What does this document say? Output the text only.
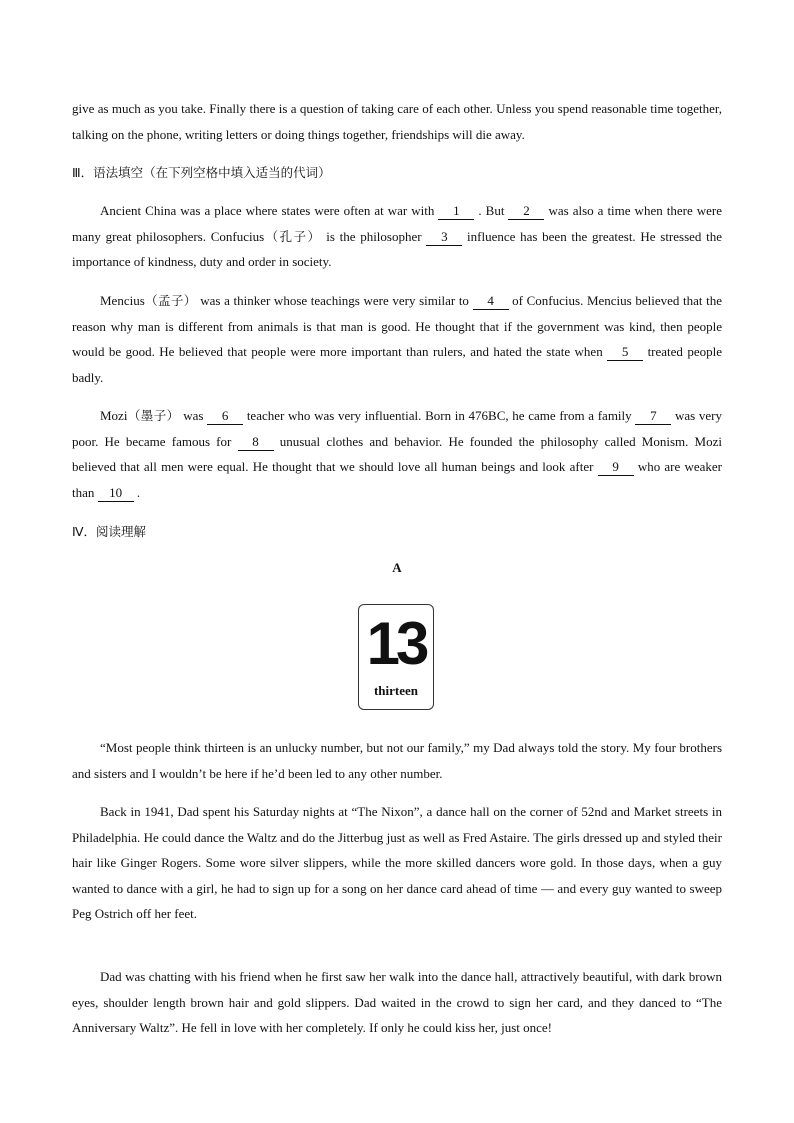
give as much as you take. Finally there is a question of taking care of each other. Unless you spend reasonable time together, talking on the phone, writing letters or doing things together, friendships will die away.

Ⅲ．语法填空（在下列空格中填入适当的代词）

Ancient China was a place where states were often at war with 1 . But 2 was also a time when there were many great philosophers. Confucius（孔子） is the philosopher 3 influence has been the greatest. He stressed the importance of kindness, duty and order in society.

Mencius（孟子） was a thinker whose teachings were very similar to 4 of Confucius. Mencius believed that the reason why man is different from animals is that man is good. He thought that if the government was kind, then people would be good. He believed that people were more important than rulers, and hated the state when 5 treated people badly.

Mozi（墨子） was 6 teacher who was very influential. Born in 476BC, he came from a family 7 was very poor. He became famous for 8 unusual clothes and behavior. He founded the philosophy called Monism. Mozi believed that all men were equal. He thought that we should love all human beings and look after 9 who are weaker than 10 .

Ⅳ．阅读理解

A

13
thirteen

“Most people think thirteen is an unlucky number, but not our family,” my Dad always told the story. My four brothers and sisters and I wouldn’t be here if he’d been led to any other number.

Back in 1941, Dad spent his Saturday nights at “The Nixon”, a dance hall on the corner of 52nd and Market streets in Philadelphia. He could dance the Waltz and do the Jitterbug just as well as Fred Astaire. The girls dressed up and styled their hair like Ginger Rogers. Some wore silver slippers, while the more skilled dancers wore gold. In those days, when a guy wanted to dance with a girl, he had to sign up for a song on her dance card ahead of time — and every guy wanted to sweep Peg Ostrich off her feet.

Dad was chatting with his friend when he first saw her walk into the dance hall, attractively beautiful, with dark brown eyes, shoulder length brown hair and gold slippers. Dad waited in the crowd to sign her card, and they danced to “The Anniversary Waltz”. He fell in love with her completely. If only he could kiss her, just once!
